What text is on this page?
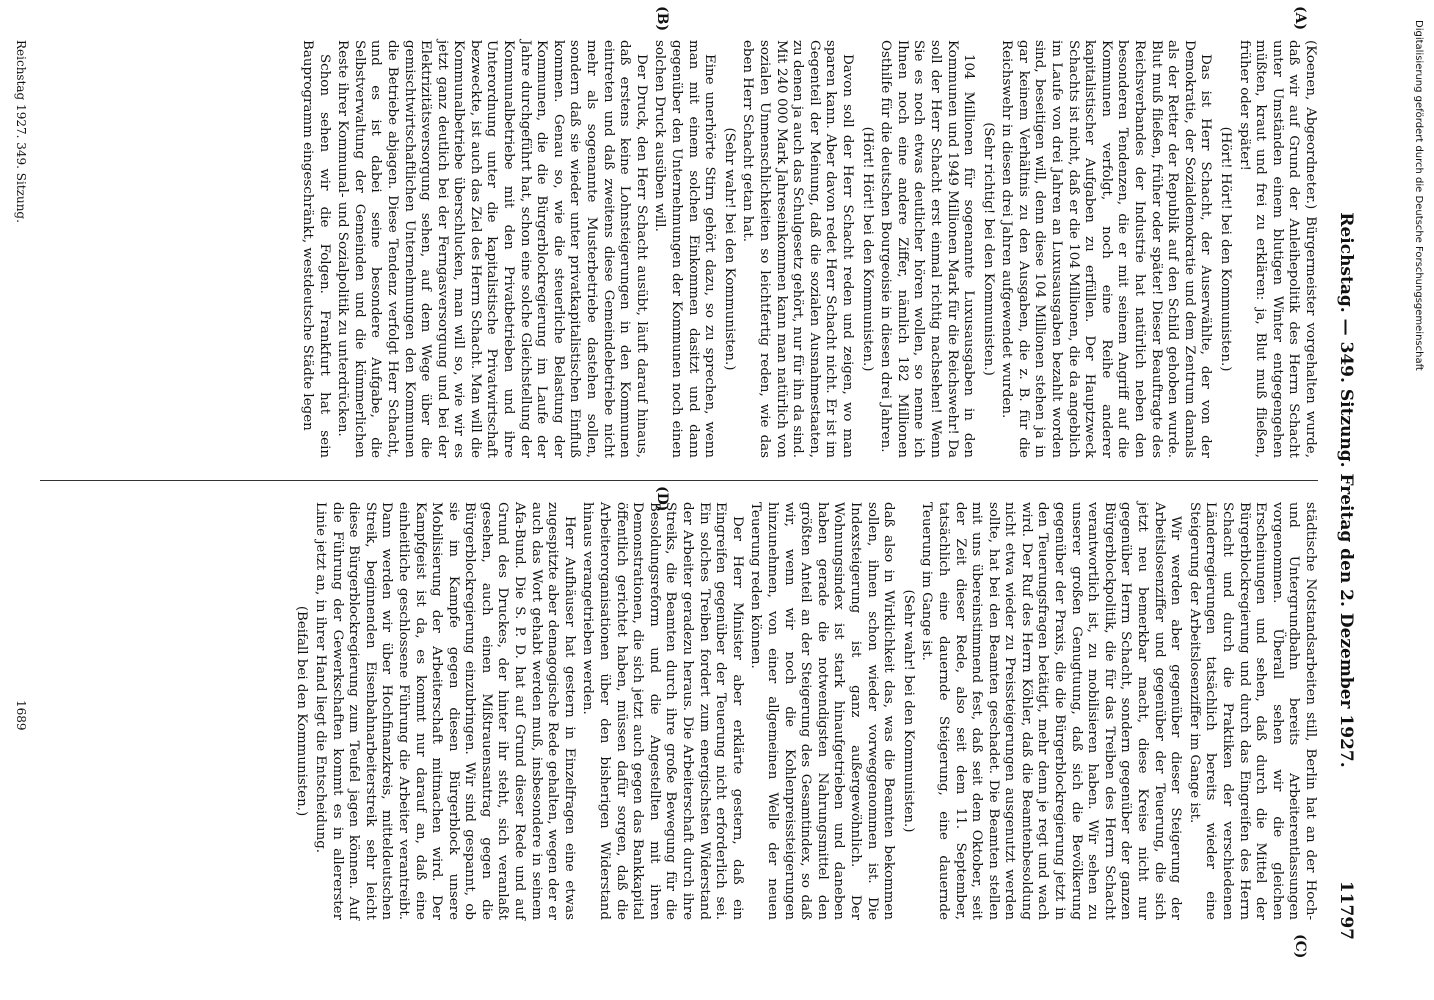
Reichstag. — 349. Sitzung. Freitag den 2. Dezember 1927.
11797
(A)
(B)
(C)
(D)

(Koenen, Abgeordneter.) Bürgermeister vorgehalten wurde, daß wir auf Grund der Anleihepolitik des Herrn Schacht unter Umständen einem blutigen Winter entgegengehen müßten, kraut und frei zu erklären: ja, Blut muß fließen, früher oder später!

(Hört! Hört! bei den Kommunisten.)

Das ist Herr Schacht, der Auserwählte, der von der Demokratie, der Sozialdemokratie und dem Zentrum damals als der Retter der Republik auf den Schild gehoben wurde. Blut muß fließen, früher oder später! Dieser Beauftragte des Reichsverbandes der Industrie hat natürlich neben den besonderen Tendenzen, die er mit seinem Angriff auf die Kommunen verfolgt, noch eine Reihe anderer kapitalistischer Aufgaben zu erfüllen. Der Hauptzweck Schachts ist nicht, daß er die 104 Millionen, die da angeblich im Laufe von drei Jahren an Luxusausgaben bezahlt worden sind, beseitigen will, denn diese 104 Millionen stehen ja in gar keinem Verhältnis zu den Ausgaben, die z. B. für die Reichswehr in diesen drei Jahren aufgewendet wurden.

(Sehr richtig! bei den Kommunisten.)

104 Millionen für sogenannte Luxusausgaben in den Kommunen und 1949 Millionen Mark für die Reichswehr! Da soll der Herr Schacht erst einmal richtig nachsehen! Wenn Sie es noch etwas deutlicher hören wollen, so nenne ich Ihnen noch eine andere Ziffer, nämlich 182 Millionen Osthilfe für die deutschen Bourgeoisie in diesen drei Jahren.

(Hört! Hört! bei den Kommunisten.)

Davon soll der Herr Schacht reden und zeigen, wo man sparen kann. Aber davon redet Herr Schacht nicht. Er ist im Gegenteil der Meinung, daß die sozialen Ausnahmestaaten, zu denen ja auch das Schulgesetz gehört, nur für ihn da sind. Mit 240 000 Mark Jahreseinkommen kann man natürlich von sozialen Unmenschlichkeiten so leichtfertig reden, wie das eben Herr Schacht getan hat.

(Sehr wahr! bei den Kommunisten.)

Eine unerhörte Stirn gehört dazu, so zu sprechen, wenn man mit einem solchen Einkommen dasitzt und dann gegenüber den Unternehmungen der Kommunen noch einen solchen Druck ausüben will.

Der Druck, den Herr Schacht ausübt, läuft darauf hinaus, daß erstens keine Lohnsteigerungen in den Kommunen eintreten und daß zweitens diese Gemeindebetriebe nicht mehr als sogenannte Musterbetriebe dastehen sollen, sondern daß sie wieder unter privatkapitalistischen Einfluß kommen. Genau so, wie die steuerliche Belastung der Kommunen, die die Bürgerblockregierung im Laufe der Jahre durchgeführt hat, schon eine solche Gleichstellung der Kommunalbetriebe mit den Privatbetrieben und ihre Unterordnung unter die kapitalistische Privatwirtschaft bezweckte, ist auch das Ziel des Herrn Schacht. Man will die Kommunalbetriebe überschlucken, man will so, wie wir es jetzt ganz deutlich bei der Ferngasversorgung und bei der Elektrizitätsversorgung sehen, auf dem Wege über die gemischtwirtschaftlichen Unternehmungen den Kommunen die Betriebe abjagen. Diese Tendenz verfolgt Herr Schacht, und es ist dabei seine besondere Aufgabe, die Selbstverwaltung der Gemeinden und die kümmerlichen Reste ihrer Kommunal- und Sozialpolitik zu unterdrücken.

Schon sehen wir die Folgen. Frankfurt hat sein Bauprogramm eingeschränkt, westdeutsche Städte legen

städtische Notstandsarbeiten still, Berlin hat an der Hoch- und Untergrundbahn bereits Arbeiterentlassungen vorgenommen. Überall sehen wir die gleichen Erscheinungen und sehen, daß durch die Mittel der Bürgerblockregierung und durch das Eingreifen des Herrn Schacht und durch die Praktiken der verschiedenen Länderregierungen tatsächlich bereits wieder eine Steigerung der Arbeitslosenziffer im Gange ist.

Wir werden aber gegenüber dieser Steigerung der Arbeitslosenziffer und gegenüber der Teuerung, die sich jetzt neu bemerkbar macht, diese Kreise nicht nur gegenüber Herrn Schacht, sondern gegenüber der ganzen Bürgerblockpolitik, die für das Treiben des Herrn Schacht verantwortlich ist, zu mobilisieren haben. Wir sehen zu unserer großen Genugtuung, daß sich die Bevölkerung gegenüber der Praxis, die die Bürgerblockregierung jetzt in den Teuerungsfragen betätigt, mehr denn je regt und wach wird. Der Ruf des Herrn Köhler, daß die Beamtenbesoldung nicht etwa wieder zu Preissteigerungen ausgenutzt werden sollte, hat bei den Beamten geschadet. Die Beamten stellen mit uns übereinstimmend fest, daß seit dem Oktober, seit der Zeit dieser Rede, also seit dem 11. September, tatsächlich eine dauernde Steigerung, eine dauernde Teuerung im Gange ist.

(Sehr wahr! bei den Kommunisten.)

daß also in Wirklichkeit das, was die Beamten bekommen sollen, ihnen schon wieder vorweggenommen ist. Die Indexsteigerung ist ganz außergewöhnlich. Der Wohnungsindex ist stark hinaufgetrieben und daneben haben gerade die notwendigsten Nahrungsmittel den größten Anteil an der Steigerung des Gesamtindex, so daß wir, wenn wir noch die Kohlenpreissteigerungen hinzunehmen, von einer allgemeinen Welle der neuen Teuerung reden können.

Der Herr Minister aber erklärte gestern, daß ein Eingreifen gegenüber der Teuerung nicht erforderlich sei. Ein solches Treiben fordert zum energischsten Widerstand der Arbeiter geradezu heraus. Die Arbeiterschaft durch ihre Streiks, die Beamten durch ihre große Bewegung für die Besoldungsreform und die Angestellten mit ihren Demonstrationen, die sich jetzt auch gegen das Bankkapital öffentlich gerichtet haben, müssen dafür sorgen, daß die Arbeiterorganisationen über den bisherigen Widerstand hinaus verangetrieben werden.

Herr Aufhäuser hat gestern in Einzelfragen eine etwas zugespitzte aber demagogische Rede gehalten, wegen der er auch das Wort gehabt werden muß, insbesondere in seinem Afa-Bund. Die S. P. D. hat auf Grund dieser Rede und auf Grund des Druckes, der hinter ihr steht, sich veranlaßt gesehen, auch einen Mißtrauensantrag gegen die Bürgerblockregierung einzubringen. Wir sind gespannt, ob sie im Kampfe gegen diesen Bürgerblock unsere Mobilisierung der Arbeiterschaft mitmachen wird. Der Kampfgeist ist da, es kommt nur darauf an, daß eine einheitliche geschlossene Führung die Arbeiter verantreibt. Dann werden wir über Hochfinanzkreis, mitteldeutschen Streik, beginnenden Eisenbahnarbeiterstreik sehr leicht diese Bürgerblockregierung zum Teufel jagen können. Auf die Führung der Gewerkschaften kommt es in allererster Linie jetzt an, in ihrer Hand liegt die Entscheidung.

(Beifall bei den Kommunisten.)

Reichstag 1927. 349. Sitzung.
1689
Digitalisierung gefördert durch die Deutsche Forschungsgemeinschaft
